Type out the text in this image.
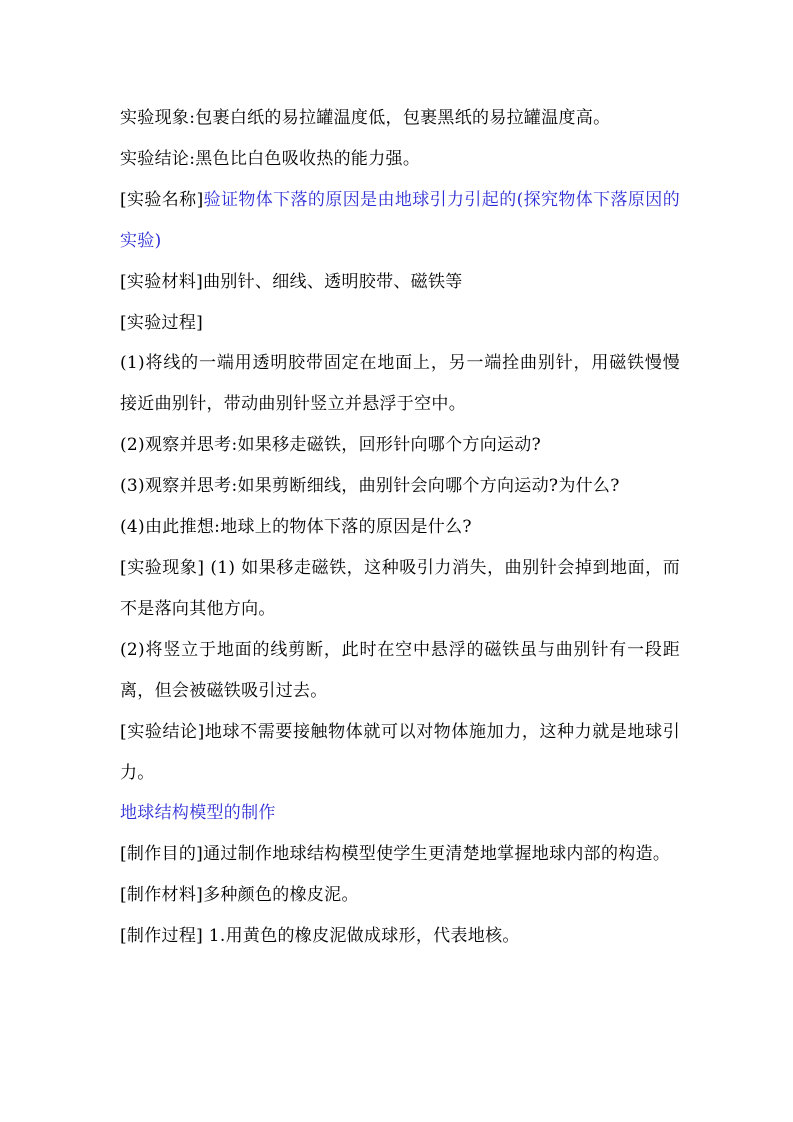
实验现象:包裹白纸的易拉罐温度低，包裹黑纸的易拉罐温度高。

实验结论:黑色比白色吸收热的能力强。

[实验名称]验证物体下落的原因是由地球引力引起的(探究物体下落原因的实验)

[实验材料]曲别针、细线、透明胶带、磁铁等

[实验过程]

(1)将线的一端用透明胶带固定在地面上，另一端拴曲别针，用磁铁慢慢接近曲别针，带动曲别针竖立并悬浮于空中。

(2)观察并思考:如果移走磁铁，回形针向哪个方向运动?

(3)观察并思考:如果剪断细线，曲别针会向哪个方向运动?为什么?

(4)由此推想:地球上的物体下落的原因是什么?

[实验现象] (1) 如果移走磁铁，这种吸引力消失，曲别针会掉到地面，而不是落向其他方向。

(2)将竖立于地面的线剪断，此时在空中悬浮的磁铁虽与曲别针有一段距离，但会被磁铁吸引过去。

[实验结论]地球不需要接触物体就可以对物体施加力，这种力就是地球引力。

地球结构模型的制作

[制作目的]通过制作地球结构模型使学生更清楚地掌握地球内部的构造。

[制作材料]多种颜色的橡皮泥。

[制作过程] 1.用黄色的橡皮泥做成球形，代表地核。
